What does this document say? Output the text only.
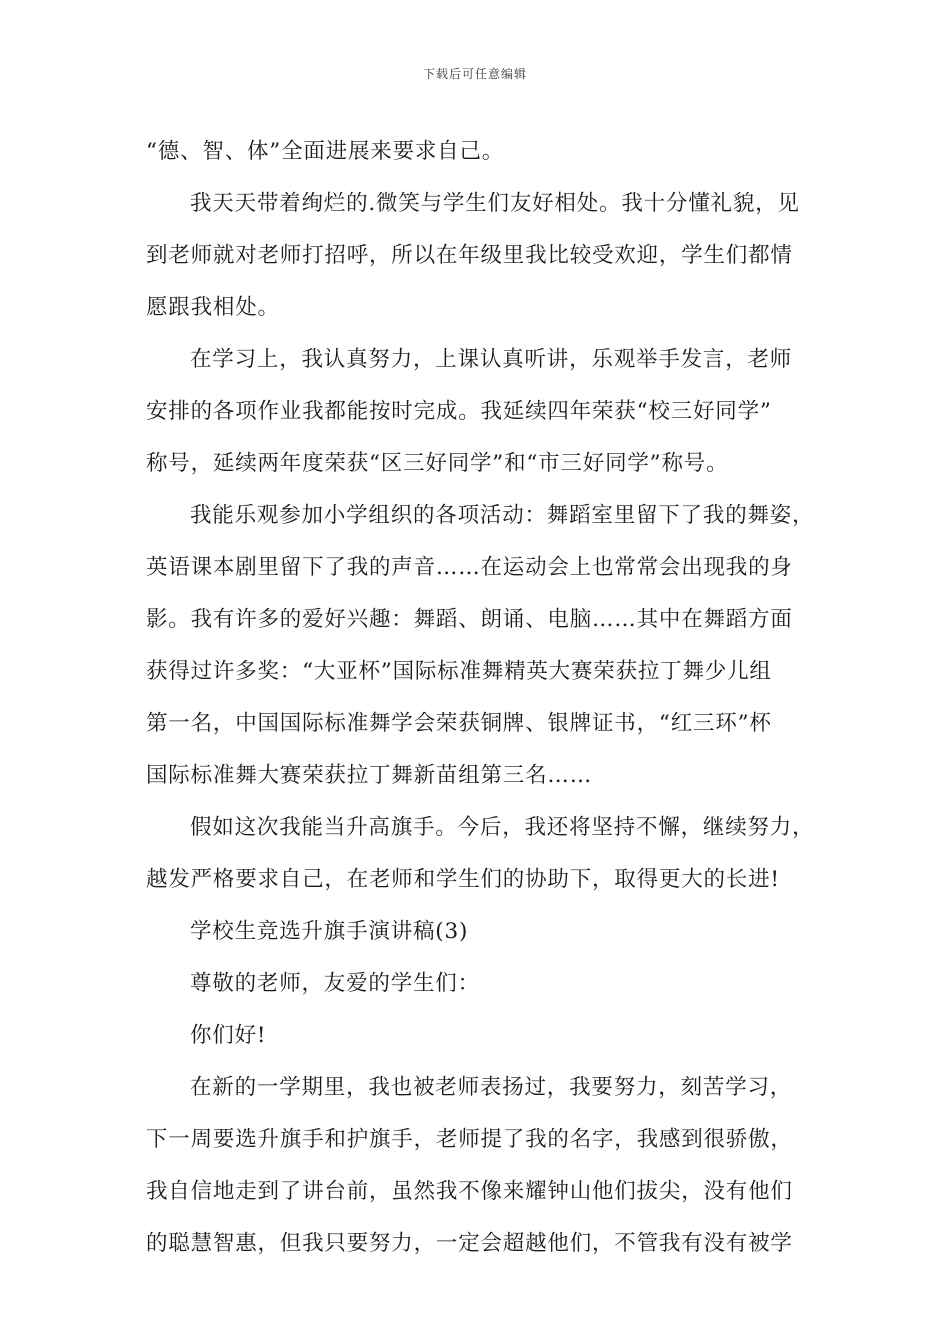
下载后可任意编辑
“德、智、体”全面进展来要求自己。
我天天带着绚烂的.微笑与学生们友好相处。我十分懂礼貌，见
到老师就对老师打招呼，所以在年级里我比较受欢迎，学生们都情
愿跟我相处。
在学习上，我认真努力，上课认真听讲，乐观举手发言，老师
安排的各项作业我都能按时完成。我延续四年荣获“校三好同学”
称号，延续两年度荣获“区三好同学”和“市三好同学”称号。
我能乐观参加小学组织的各项活动：舞蹈室里留下了我的舞姿，
英语课本剧里留下了我的声音……在运动会上也常常会出现我的身
影。我有许多的爱好兴趣：舞蹈、朗诵、电脑……其中在舞蹈方面
获得过许多奖：“大亚杯”国际标准舞精英大赛荣获拉丁舞少儿组
第一名，中国国际标准舞学会荣获铜牌、银牌证书，“红三环”杯
国际标准舞大赛荣获拉丁舞新苗组第三名……
假如这次我能当升高旗手。今后，我还将坚持不懈，继续努力，
越发严格要求自己，在老师和学生们的协助下，取得更大的长进!
学校生竞选升旗手演讲稿(3)
尊敬的老师，友爱的学生们：
你们好!
在新的一学期里，我也被老师表扬过，我要努力，刻苦学习，
下一周要选升旗手和护旗手，老师提了我的名字，我感到很骄傲，
我自信地走到了讲台前，虽然我不像来耀钟山他们拔尖，没有他们
的聪慧智惠，但我只要努力，一定会超越他们，不管我有没有被学
